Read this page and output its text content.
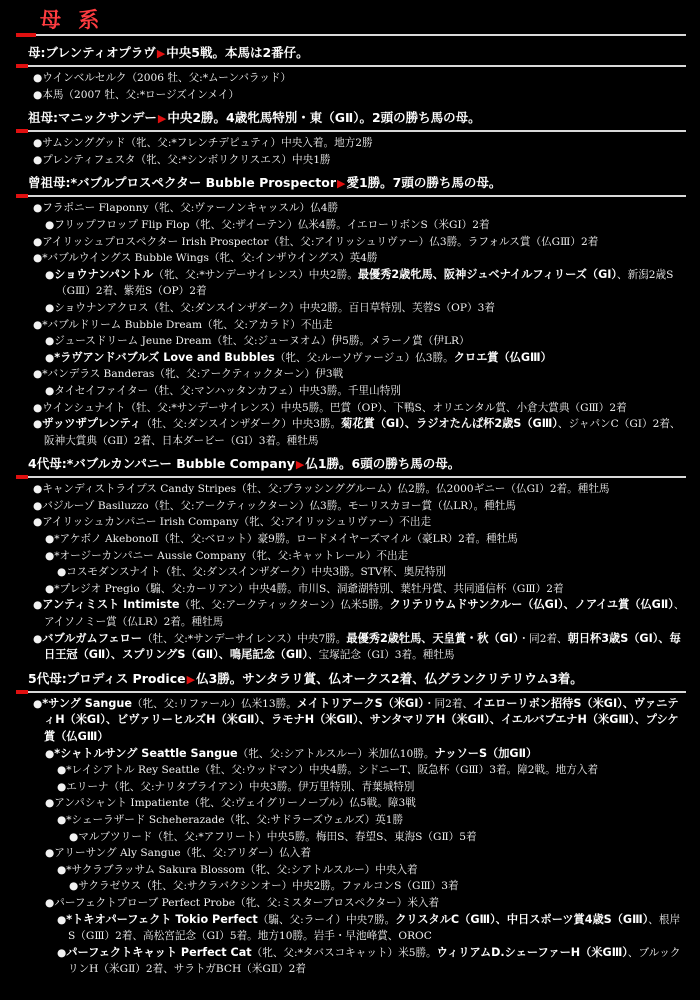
母 系
母:ブレンティオプラヴ▶中央5戦。本馬は2番仔。
●ウインベルセルク（2006 牡、父:*ムーンバラッド）
●本馬（2007 牡、父:*ロージズインメイ）
祖母:マニックサンデー▶中央2勝。4歳牝馬特別・東（GⅡ）。2頭の勝ち馬の母。
●サムシンググッド（牝、父:*フレンチデピュティ）中央入着。地方2勝
●プレンティフェスタ（牝、父:*シンボリクリスエス）中央1勝
曾祖母:*バブルプロスペクター Bubble Prospector▶愛1勝。7頭の勝ち馬の母。
●フラポニー Flaponny（牝、父:ヴァーノンキャッスル）仏4勝
●フリップフロップ Flip Flop（牝、父:ザイーテン）仏米4勝。イエローリボンS（米GⅠ）2着
●アイリッシュプロスペクター Irish Prospector（牡、父:アイリッシュリヴァー）仏3勝。ラフォルス賞（仏GⅢ）2着
●*バブルウイングス Bubble Wings（牝、父:インザウイングス）英4勝
●ショウナンパントル（牝、父:*サンデーサイレンス）中央2勝。最優秀2歳牝馬、阪神ジュベナイルフィリーズ（GⅠ）、新潟2歳S（GⅢ）2着、紫苑S（OP）2着
●ショウナンアクロス（牡、父:ダンスインザダーク）中央2勝。百日草特別、芙蓉S（OP）3着
●*バブルドリーム Bubble Dream（牝、父:アカラド）不出走
●ジュースドリーム Jeune Dream（牡、父:ジューヌオム）伊5勝。メラーノ賞（伊LR）
●*ラヴアンドバブルズ Love and Bubbles（牝、父:ルーソヴァージュ）仏3勝。クロエ賞（仏GⅢ）
●*バンデラス Banderas（牝、父:アークティックターン）伊3戦
●タイセイファイター（牡、父:マンハッタンカフェ）中央3勝。千里山特別
●ウインシュナイト（牡、父:*サンデーサイレンス）中央5勝。巴賞（OP）、下鴨S、オリエンタル賞、小倉大賞典（GⅢ）2着
●ザッツザプレンティ（牡、父:ダンスインザダーク）中央3勝。菊花賞（GⅠ）、ラジオたんぱ杯2歳S（GⅢ）、ジャパンC（GⅠ）2着、阪神大賞典（GⅡ）2着、日本ダービー（GⅠ）3着。種牡馬
4代母:*バブルカンパニー Bubble Company▶仏1勝。6頭の勝ち馬の母。
●キャンディストライプス Candy Stripes（牡、父:ブラッシンググルーム）仏2勝。仏2000ギニー（仏GⅠ）2着。種牡馬
●バジルーゾ Basiluzzo（牡、父:アークティックターン）仏3勝。モーリスカヨー賞（仏LR）。種牡馬
●アイリッシュカンパニー Irish Company（牝、父:アイリッシュリヴァー）不出走
●*アケボノ AkebonoⅡ（牡、父:ベロット）豪9勝。ロードメイヤーズマイル（豪LR）2着。種牡馬
●*オージーカンパニー Aussie Company（牝、父:キャットレール）不出走
●コスモダンスナイト（牡、父:ダンスインザダーク）中央3勝。STV杯、奥尻特別
●*プレジオ Pregio（騸、父:カーリアン）中央4勝。市川S、洞爺湖特別、葉牡丹賞、共同通信杯（GⅢ）2着
●アンティミスト Intimiste（牝、父:アークティックターン）仏米5勝。クリテリウムドサンクルー（仏GⅠ）、ノアイユ賞（仏GⅡ）、アイソノミー賞（仏LR）2着。種牡馬
●バブルガムフェロー（牡、父:*サンデーサイレンス）中央7勝。最優秀2歳牡馬、天皇賞・秋（GⅠ）・同2着、朝日杯3歳S（GⅠ）、毎日王冠（GⅡ）、スプリングS（GⅡ）、鳴尾記念（GⅡ）、宝塚記念（GⅠ）3着。種牡馬
5代母:プロディス Prodice▶仏3勝。サンタラリ賞、仏オークス2着、仏グランクリテリウム3着。
●*サング Sangue（牝、父:リファール）仏米13勝。メイトリアークS（米GⅠ）・同2着、イエローリボン招待S（米GⅠ）、ヴァニティH（米GⅠ）、ビヴァリーヒルズH（米GⅡ）、ラモナH（米GⅡ）、サンタマリアH（米GⅡ）、イエルバブエナH（米GⅢ）、プシケ賞（仏GⅢ）
●*シャトルサング Seattle Sangue（牝、父:シアトルスルー）米加仏10勝。ナッソーS（加GⅡ）
●*レイシアトル Rey Seattle（牡、父:ウッドマン）中央4勝。シドニーT、阪急杯（GⅢ）3着。障2戦。地方入着
●エリーナ（牝、父:ナリタブライアン）中央3勝。伊万里特別、青葉城特別
●アンパシャント Impatiente（牝、父:ヴェイグリーノーブル）仏5戦。障3戦
●*シェーラザード Scheherazade（牝、父:サドラーズウェルズ）英1勝
●マルブツリード（牡、父:*アフリート）中央5勝。梅田S、春望S、東海S（GⅡ）5着
●アリーサング Aly Sangue（牝、父:アリダー）仏入着
●*サクラブラッサム Sakura Blossom（牝、父:シアトルスルー）中央入着
●サクラゼウス（牡、父:サクラバクシンオー）中央2勝。ファルコンS（GⅢ）3着
●パーフェクトプローブ Perfect Probe（牝、父:ミスタープロスペクター）米入着
●*トキオパーフェクト Tokio Perfect（騸、父:ラーイ）中央7勝。クリスタルC（GⅢ）、中日スポーツ賞4歳S（GⅢ）、根岸S（GⅢ）2着、高松宮記念（GⅠ）5着。地方10勝。岩手・早池峰賞、OROC
●パーフェクトキャット Perfect Cat（牝、父:*タバスコキャット）米5勝。ウィリアムD.シェーファーH（米GⅢ）、ブルックリンH（米GⅡ）2着、サラトガBCH（米GⅡ）2着
